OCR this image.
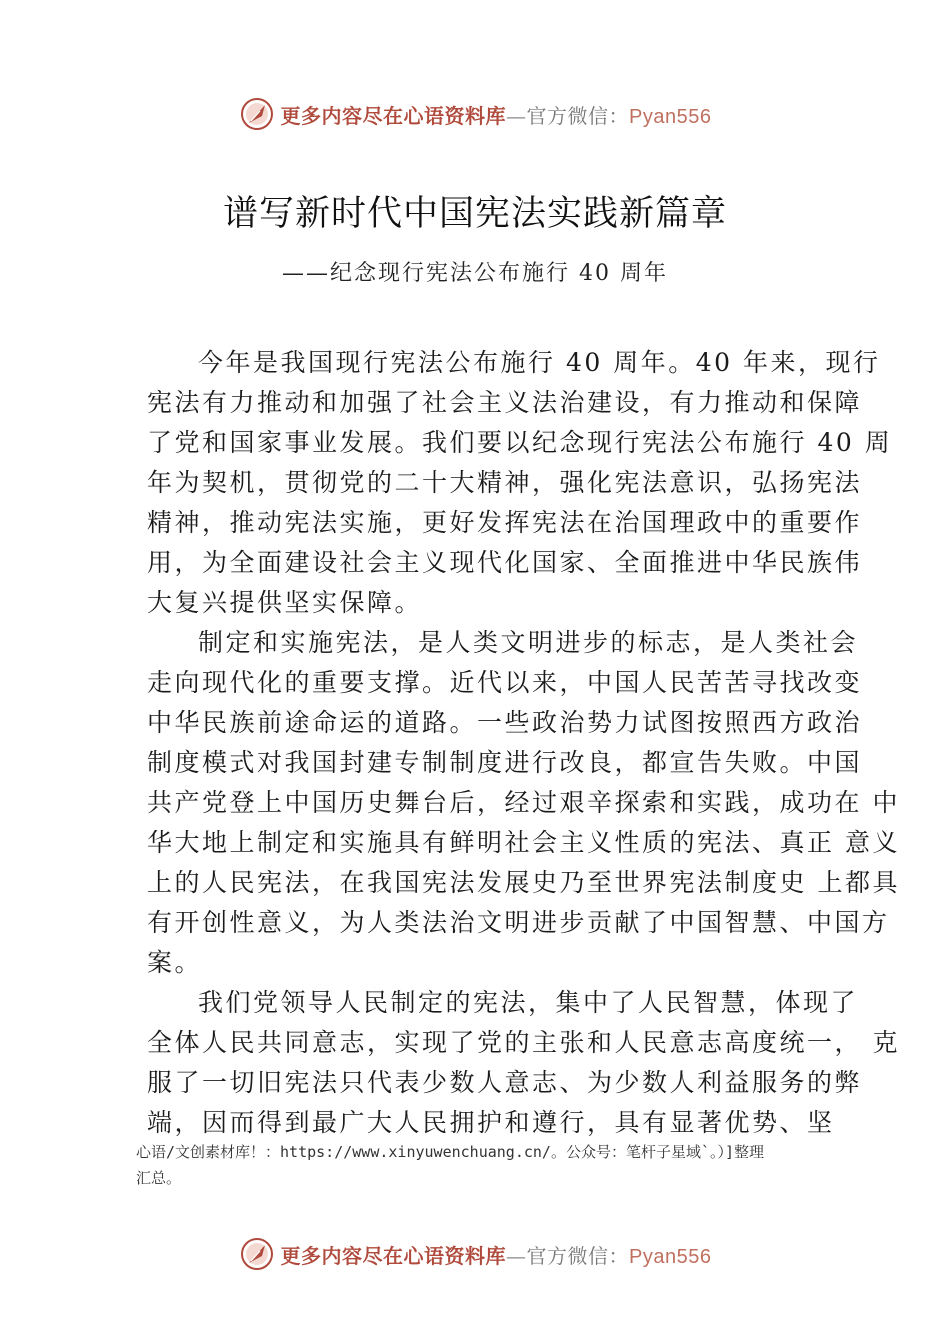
更多内容尽在心语资料库—官方微信：Pyan556
谱写新时代中国宪法实践新篇章
——纪念现行宪法公布施行 40 周年
今年是我国现行宪法公布施行 40 周年。40 年来，现行
宪法有力推动和加强了社会主义法治建设，有力推动和保障
了党和国家事业发展。我们要以纪念现行宪法公布施行 40 周
年为契机，贯彻党的二十大精神，强化宪法意识，弘扬宪法
精神，推动宪法实施，更好发挥宪法在治国理政中的重要作
用，为全面建设社会主义现代化国家、全面推进中华民族伟
大复兴提供坚实保障。
制定和实施宪法，是人类文明进步的标志，是人类社会
走向现代化的重要支撑。近代以来，中国人民苦苦寻找改变
中华民族前途命运的道路。一些政治势力试图按照西方政治
制度模式对我国封建专制制度进行改良，都宣告失败。中国
共产党登上中国历史舞台后，经过艰辛探索和实践，成功在 中
华大地上制定和实施具有鲜明社会主义性质的宪法、真正 意义
上的人民宪法，在我国宪法发展史乃至世界宪法制度史 上都具
有开创性意义，为人类法治文明进步贡献了中国智慧、中国方
案。
我们党领导人民制定的宪法，集中了人民智慧，体现了
全体人民共同意志，实现了党的主张和人民意志高度统一， 克
服了一切旧宪法只代表少数人意志、为少数人利益服务的弊
端，因而得到最广大人民拥护和遵行，具有显著优势、坚
心语/文创素材库！：https://www.xinyuwenchuang.cn/。公众号：笔杆子星域`。）]整理
汇总。
更多内容尽在心语资料库—官方微信：Pyan556
